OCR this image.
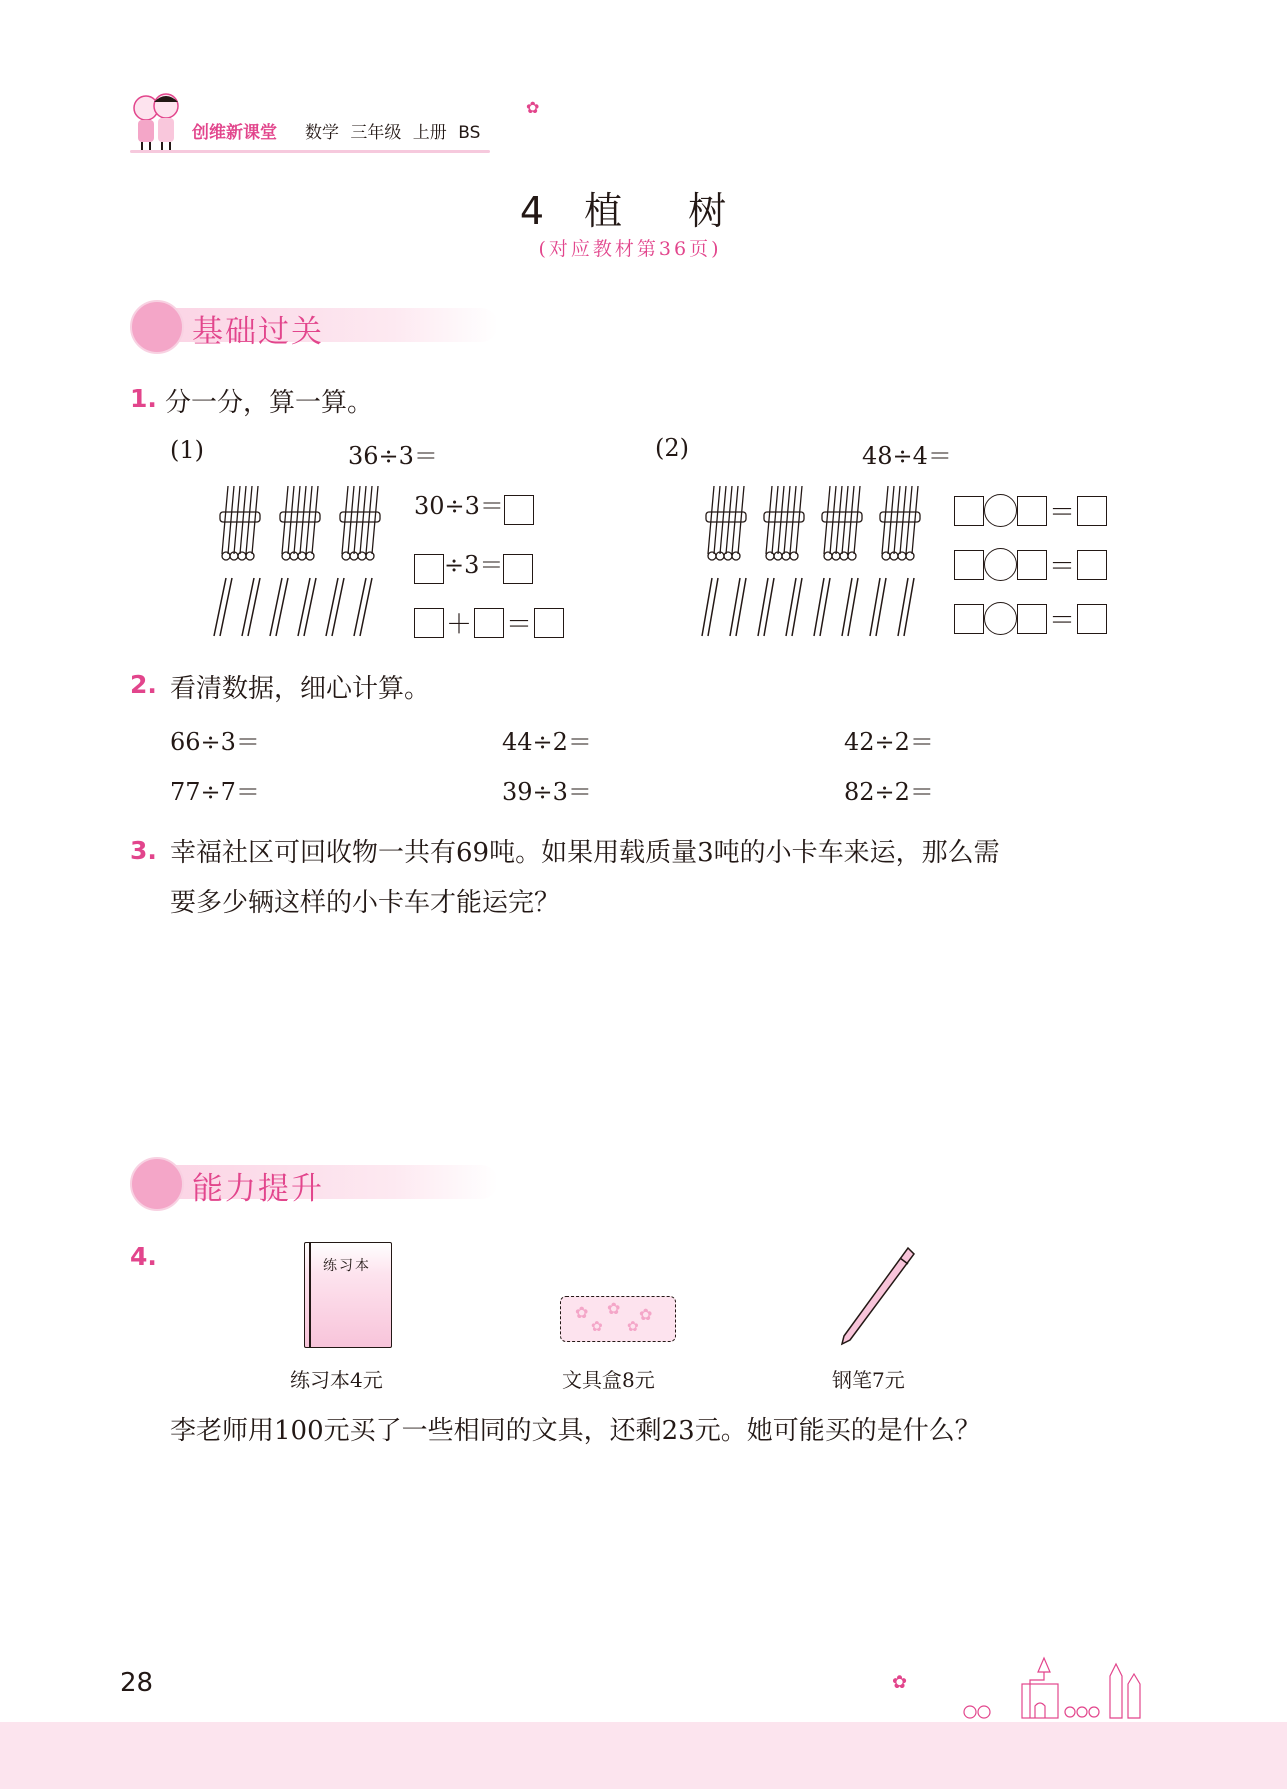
创维新课堂 数学 三年级 上册 BS
✿
4 植　树
(对应教材第36页)
基础过关
1. 分一分，算一算。
(1)	36÷3＝	(2)	48÷4＝
30÷3＝
÷3＝
＋ ＝
＝
＝
＝
2. 看清数据，细心计算。
66÷3＝	44÷2＝	42÷2＝
77÷7＝	39÷3＝	82÷2＝
3. 幸福社区可回收物一共有69吨。如果用载质量3吨的小卡车来运，那么需
要多少辆这样的小卡车才能运完？
能力提升
4.	练习本
练习本4元
✿ ✿ ✿
✿ ✿
文具盒8元	钢笔7元
李老师用100元买了一些相同的文具，还剩23元。她可能买的是什么？
28	✿
